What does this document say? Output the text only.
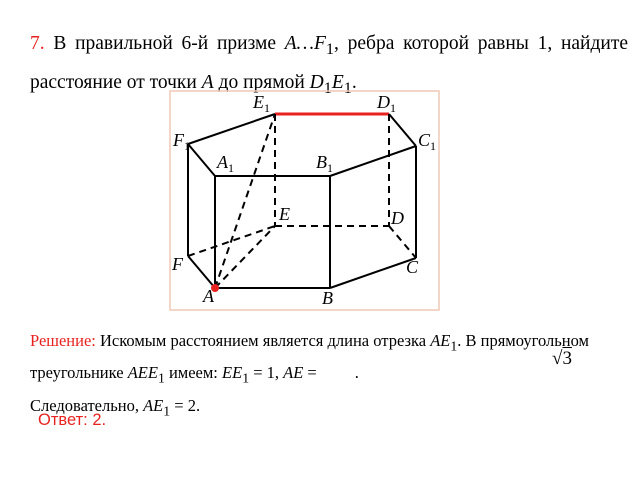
7. В правильной 6-й призме $A\dots F_1$, ребра которой равны 1, найдите расстояние от точки A до прямой $D_1E_1$.
$E_1$	$D_1$
$F_1$	$C_1$
$A_1$	$B_1$
E	D
F	C
A	B
Решение: Искомым расстоянием является длина отрезка $AE_1$. В прямоугольном треугольнике $AEE_1$ имеем: $EE_1 = 1$, AE = .
Следовательно, $AE_1 = 2$.
√3
Ответ: 2.
